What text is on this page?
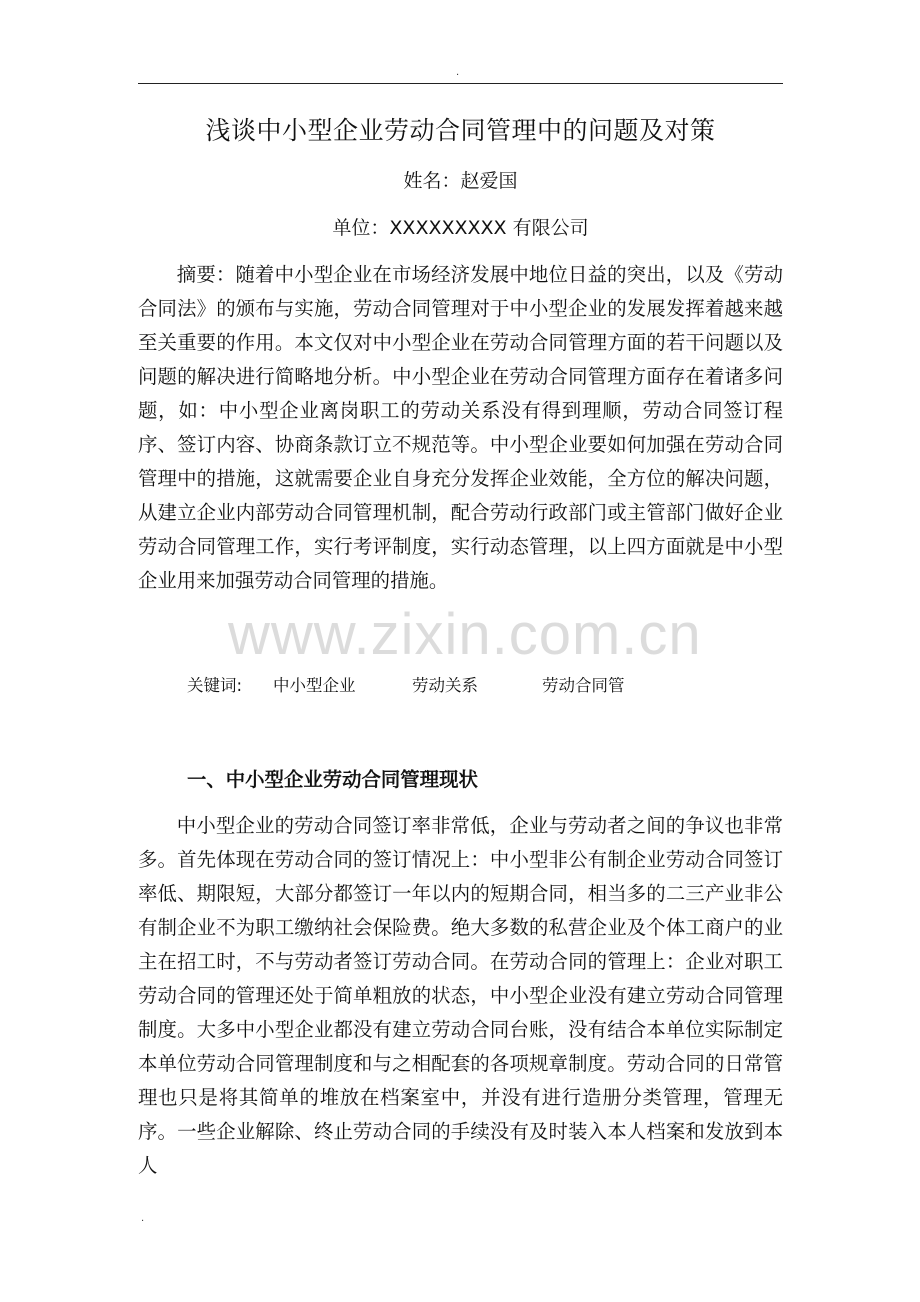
.
浅谈中小型企业劳动合同管理中的问题及对策
姓名：赵爱国
单位：XXXXXXXXX 有限公司

摘要：随着中小型企业在市场经济发展中地位日益的突出，以及《劳动合同法》的颁布与实施，劳动合同管理对于中小型企业的发展发挥着越来越至关重要的作用。本文仅对中小型企业在劳动合同管理方面的若干问题以及问题的解决进行简略地分析。中小型企业在劳动合同管理方面存在着诸多问题，如：中小型企业离岗职工的劳动关系没有得到理顺，劳动合同签订程序、签订内容、协商条款订立不规范等。中小型企业要如何加强在劳动合同管理中的措施，这就需要企业自身充分发挥企业效能，全方位的解决问题，从建立企业内部劳动合同管理机制，配合劳动行政部门或主管部门做好企业劳动合同管理工作，实行考评制度，实行动态管理，以上四方面就是中小型企业用来加强劳动合同管理的措施。

www.zixin.com.cn
关键词: 中小型企业	劳动关系	劳动合同管
一、中小型企业劳动合同管理现状

中小型企业的劳动合同签订率非常低，企业与劳动者之间的争议也非常多。首先体现在劳动合同的签订情况上：中小型非公有制企业劳动合同签订率低、期限短，大部分都签订一年以内的短期合同，相当多的二三产业非公有制企业不为职工缴纳社会保险费。绝大多数的私营企业及个体工商户的业主在招工时，不与劳动者签订劳动合同。在劳动合同的管理上：企业对职工劳动合同的管理还处于简单粗放的状态，中小型企业没有建立劳动合同管理制度。大多中小型企业都没有建立劳动合同台账，没有结合本单位实际制定本单位劳动合同管理制度和与之相配套的各项规章制度。劳动合同的日常管理也只是将其简单的堆放在档案室中，并没有进行造册分类管理，管理无序。一些企业解除、终止劳动合同的手续没有及时装入本人档案和发放到本人

.
